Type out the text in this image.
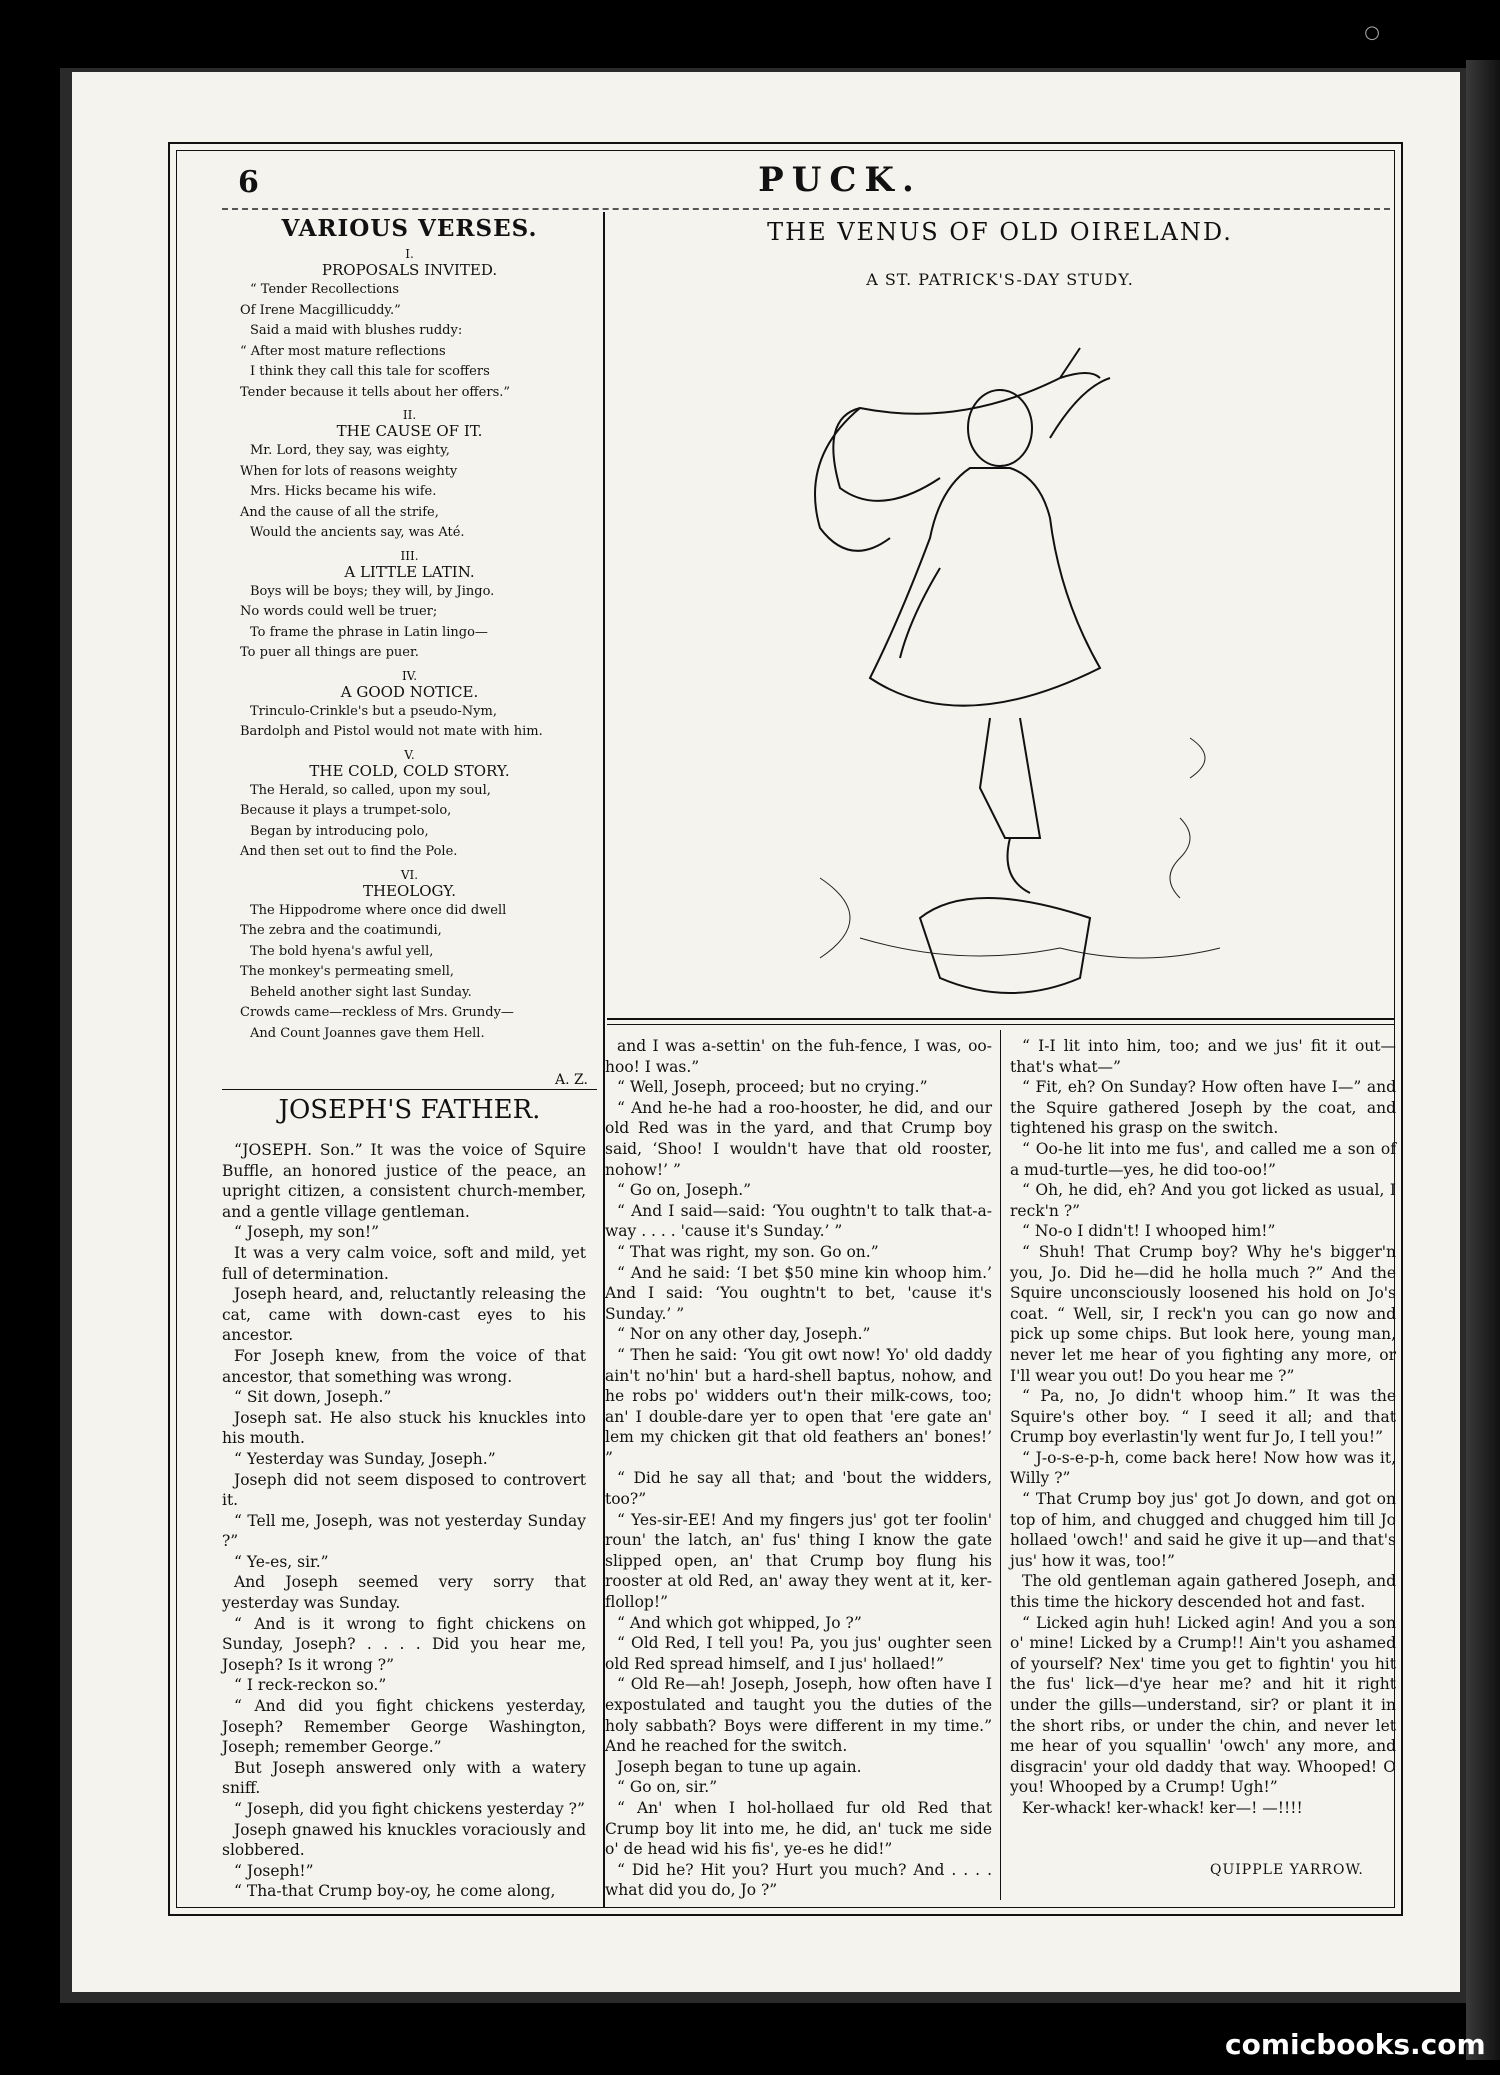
○
6	PUCK.
VARIOUS VERSES.
I.
PROPOSALS INVITED.
“ Tender Recollections
Of Irene Macgillicuddy.”
Said a maid with blushes ruddy:
“ After most mature reflections
I think they call this tale for scoffers
Tender because it tells about her offers.”
II.
THE CAUSE OF IT.
Mr. Lord, they say, was eighty,
When for lots of reasons weighty
Mrs. Hicks became his wife.
And the cause of all the strife,
Would the ancients say, was Até.
III.
A LITTLE LATIN.
Boys will be boys; they will, by Jingo.
No words could well be truer;
To frame the phrase in Latin lingo—
To puer all things are puer.
IV.
A GOOD NOTICE.
Trinculo-Crinkle's but a pseudo-Nym,
Bardolph and Pistol would not mate with him.
V.
THE COLD, COLD STORY.
The Herald, so called, upon my soul,
Because it plays a trumpet-solo,
Began by introducing polo,
And then set out to find the Pole.
VI.
THEOLOGY.
The Hippodrome where once did dwell
The zebra and the coatimundi,
The bold hyena's awful yell,
The monkey's permeating smell,
Beheld another sight last Sunday.
Crowds came—reckless of Mrs. Grundy—
And Count Joannes gave them Hell.
A. Z.
JOSEPH'S FATHER.

“JOSEPH. Son.” It was the voice of Squire Buffle, an honored justice of the peace, an upright citizen, a consistent church-member, and a gentle village gentleman.

“ Joseph, my son!”

It was a very calm voice, soft and mild, yet full of determination.

Joseph heard, and, reluctantly releasing the cat, came with down-cast eyes to his ancestor.

For Joseph knew, from the voice of that ancestor, that something was wrong.

“ Sit down, Joseph.”

Joseph sat. He also stuck his knuckles into his mouth.

“ Yesterday was Sunday, Joseph.”

Joseph did not seem disposed to controvert it.

“ Tell me, Joseph, was not yesterday Sunday ?”

“ Ye-es, sir.”

And Joseph seemed very sorry that yesterday was Sunday.

“ And is it wrong to fight chickens on Sunday, Joseph? . . . . Did you hear me, Joseph? Is it wrong ?”

“ I reck-reckon so.”

“ And did you fight chickens yesterday, Joseph? Remember George Washington, Joseph; remember George.”

But Joseph answered only with a watery sniff.

“ Joseph, did you fight chickens yesterday ?”

Joseph gnawed his knuckles voraciously and slobbered.

“ Joseph!”

“ Tha-that Crump boy-oy, he come along,

THE VENUS OF OLD OIRELAND.
A ST. PATRICK'S-DAY STUDY.

and I was a-settin' on the fuh-fence, I was, oo-hoo! I was.”

“ Well, Joseph, proceed; but no crying.”

“ And he-he had a roo-hooster, he did, and our old Red was in the yard, and that Crump boy said, ‘Shoo! I wouldn't have that old rooster, nohow!’ ”

“ Go on, Joseph.”

“ And I said—said: ‘You oughtn't to talk that-a-way . . . . 'cause it's Sunday.’ ”

“ That was right, my son. Go on.”

“ And he said: ‘I bet $50 mine kin whoop him.’ And I said: ‘You oughtn't to bet, 'cause it's Sunday.’ ”

“ Nor on any other day, Joseph.”

“ Then he said: ‘You git owt now! Yo' old daddy ain't no'hin' but a hard-shell baptus, nohow, and he robs po' widders out'n their milk-cows, too; an' I double-dare yer to open that 'ere gate an' lem my chicken git that old feathers an' bones!’ ”

“ Did he say all that; and 'bout the widders, too?”

“ Yes-sir-EE! And my fingers jus' got ter foolin' roun' the latch, an' fus' thing I know the gate slipped open, an' that Crump boy flung his rooster at old Red, an' away they went at it, ker-flollop!”

“ And which got whipped, Jo ?”

“ Old Red, I tell you! Pa, you jus' oughter seen old Red spread himself, and I jus' hollaed!”

“ Old Re—ah! Joseph, Joseph, how often have I expostulated and taught you the duties of the holy sabbath? Boys were different in my time.” And he reached for the switch.

Joseph began to tune up again.

“ Go on, sir.”

“ An' when I hol-hollaed fur old Red that Crump boy lit into me, he did, an' tuck me side o' de head wid his fis', ye-es he did!”

“ Did he? Hit you? Hurt you much? And . . . . what did you do, Jo ?”

“ I-I lit into him, too; and we jus' fit it out—that's what—”

“ Fit, eh? On Sunday? How often have I—” and the Squire gathered Joseph by the coat, and tightened his grasp on the switch.

“ Oo-he lit into me fus', and called me a son of a mud-turtle—yes, he did too-oo!”

“ Oh, he did, eh? And you got licked as usual, I reck'n ?”

“ No-o I didn't! I whooped him!”

“ Shuh! That Crump boy? Why he's bigger'n you, Jo. Did he—did he holla much ?” And the Squire unconsciously loosened his hold on Jo's coat. “ Well, sir, I reck'n you can go now and pick up some chips. But look here, young man, never let me hear of you fighting any more, or I'll wear you out! Do you hear me ?”

“ Pa, no, Jo didn't whoop him.” It was the Squire's other boy. “ I seed it all; and that Crump boy everlastin'ly went fur Jo, I tell you!”

“ J-o-s-e-p-h, come back here! Now how was it, Willy ?”

“ That Crump boy jus' got Jo down, and got on top of him, and chugged and chugged him till Jo hollaed 'owch!' and said he give it up—and that's jus' how it was, too!”

The old gentleman again gathered Joseph, and this time the hickory descended hot and fast.

“ Licked agin huh! Licked agin! And you a son o' mine! Licked by a Crump!! Ain't you ashamed of yourself? Nex' time you get to fightin' you hit the fus' lick—d'ye hear me? and hit it right under the gills—understand, sir? or plant it in the short ribs, or under the chin, and never let me hear of you squallin' 'owch' any more, and disgracin' your old daddy that way. Whooped! O you! Whooped by a Crump! Ugh!”

Ker-whack! ker-whack! ker—! —!!!!

QUIPPLE YARROW.
comicbooks.com
